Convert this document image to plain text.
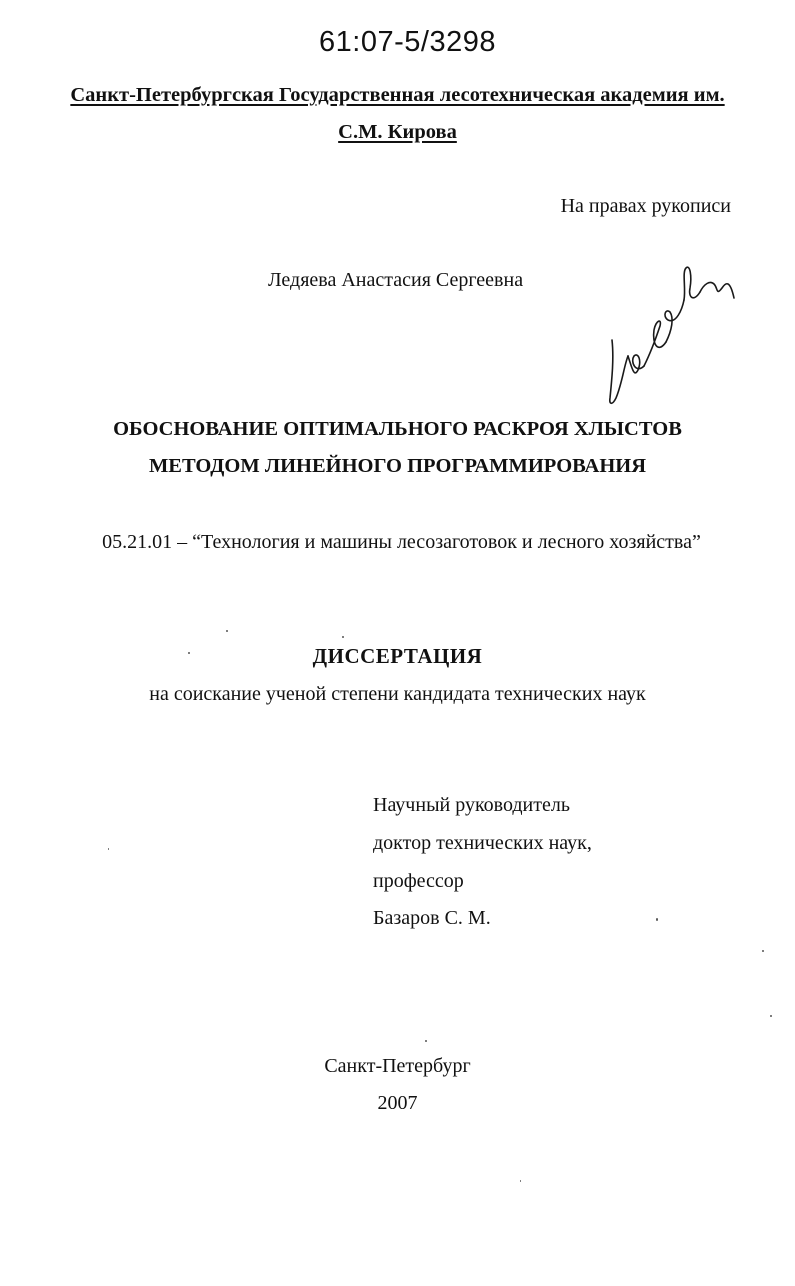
61:07-5/3298
Санкт-Петербургская Государственная лесотехническая академия им.
С.М. Кирова
На правах рукописи
Ледяева Анастасия Сергеевна
ОБОСНОВАНИЕ ОПТИМАЛЬНОГО РАСКРОЯ ХЛЫСТОВ
МЕТОДОМ ЛИНЕЙНОГО ПРОГРАММИРОВАНИЯ
05.21.01 – “Технология и машины лесозаготовок и лесного хозяйства”
ДИССЕРТАЦИЯ
на соискание ученой степени кандидата технических наук
Научный руководитель
доктор технических наук,
профессор
Базаров С. М.
Санкт-Петербург
2007
